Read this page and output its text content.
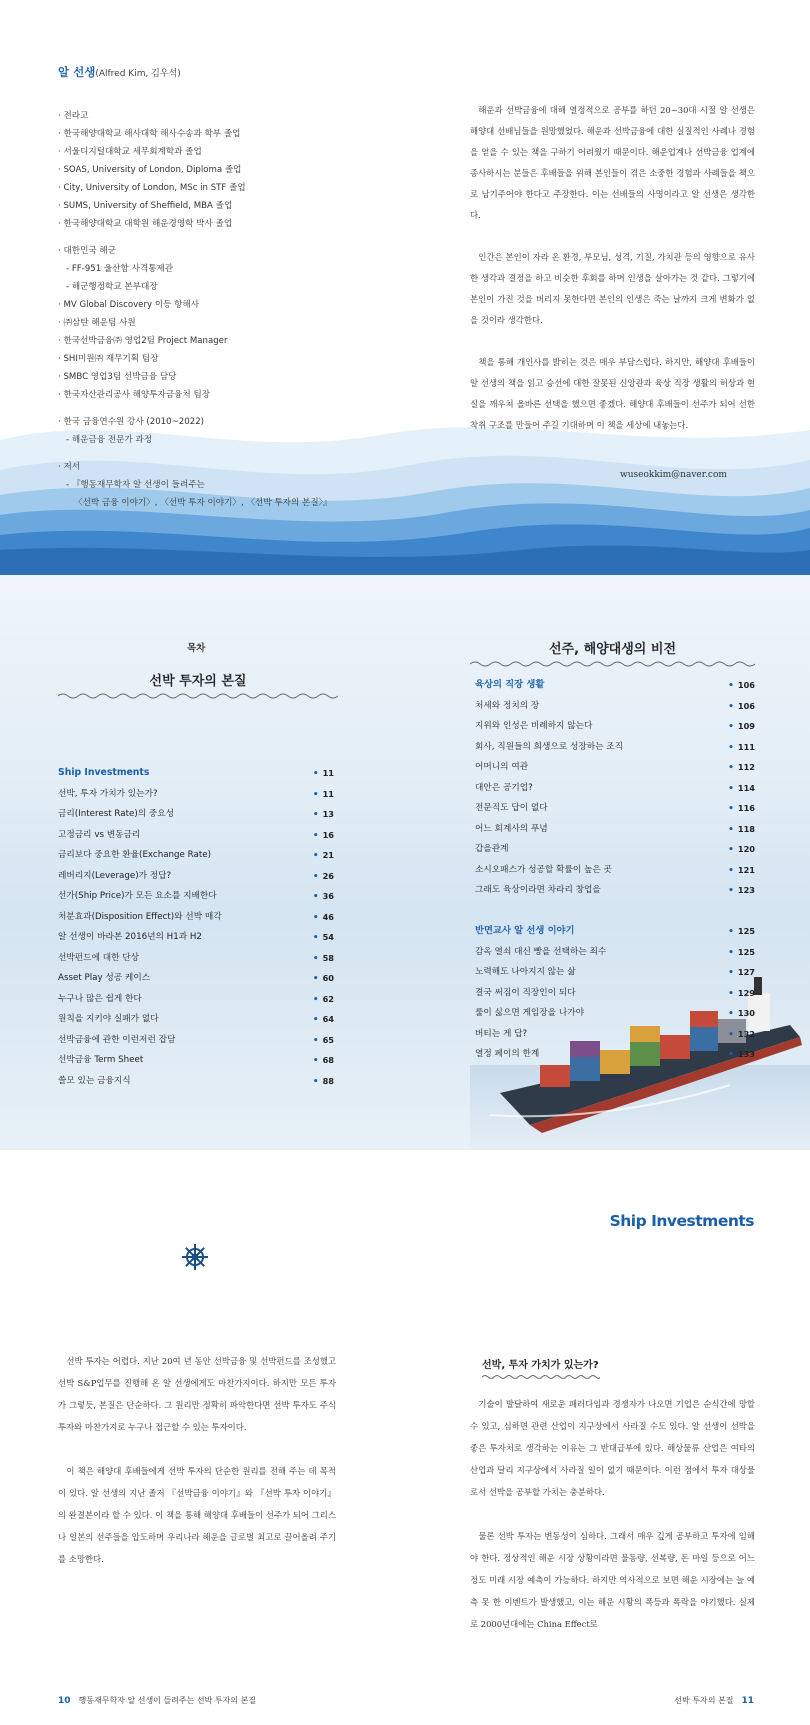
알 선생(Alfred Kim, 김우석)
· 전라고
· 한국해양대학교 해사대학 해사수송과 학부 졸업
· 서울디지털대학교 세무회계학과 졸업
· SOAS, University of London, Diploma 졸업
· City, University of London, MSc in STF 졸업
· SUMS, University of Sheffield, MBA 졸업
· 한국해양대학교 대학원 해운경영학 박사 졸업
· 대한민국 해군
- FF-951 울산함 사격통제관
- 해군행정학교 본부대장
· MV Global Discovery 이등 항해사
· ㈜삼탄 해운팀 사원
· 한국선박금융㈜ 영업2팀 Project Manager
· SHI미원㈜ 재무기획 팀장
· SMBC 영업3팀 선박금융 담당
· 한국자산관리공사 해양투자금융처 팀장
· 한국 금융연수원 강사 (2010~2022)
- 해운금융 전문가 과정
· 저서
- 『행동재무학자 알 선생이 들려주는
〈선박 금융 이야기〉, 〈선박 투자 이야기〉, 〈선박 투자의 본질〉』

해운과 선박금융에 대해 열정적으로 공부를 하던 20~30대 시절 알 선생은 해양대 선배님들을 원망했었다. 해운과 선박금융에 대한 실질적인 사례나 경험을 얻을 수 있는 책을 구하기 어려웠기 때문이다. 해운업계나 선박금융 업계에 종사하시는 분들은 후배들을 위해 본인들이 겪은 소중한 경험과 사례들을 책으로 남기주어야 한다고 주장한다. 이는 선배들의 사명이라고 알 선생은 생각한다.

인간은 본인이 자라 온 환경, 부모님, 성격, 기질, 가치관 등의 영향으로 유사한 생각과 결정을 하고 비슷한 후회를 하며 인생을 살아가는 것 같다. 그렇기에 본인이 가진 것을 버리지 못한다면 본인의 인생은 죽는 날까지 크게 변화가 없을 것이라 생각한다.

책을 통해 개인사를 밝히는 것은 매우 부담스럽다. 하지만, 해양대 후배들이 알 선생의 책을 읽고 승선에 대한 잘못된 신앙관과 육상 직장 생활의 허상과 현실을 깨우쳐 올바른 선택을 했으면 좋겠다. 해양대 후배들이 선주가 되어 선한 착취 구조를 만들어 주길 기대하며 이 책을 세상에 내놓는다.

wuseokkim@naver.com
목차
선박 투자의 본질
Ship Investments	• 11
선박, 투자 가치가 있는가?	• 11
금리(Interest Rate)의 중요성	• 13
고정금리 vs 변동금리	• 16
금리보다 중요한 환율(Exchange Rate)	• 21
레버리지(Leverage)가 정답?	• 26
선가(Ship Price)가 모든 요소를 지배한다	• 36
처분효과(Disposition Effect)와 선박 매각	• 46
알 선생이 바라본 2016년의 H1과 H2	• 54
선박펀드에 대한 단상	• 58
Asset Play 성공 케이스	• 60
누구나 많은 쉽게 한다	• 62
원칙을 지키야 실패가 없다	• 64
선박금융에 관한 이런저런 잡담	• 65
선박금융 Term Sheet	• 68
쓸모 있는 금융지식	• 88
선주, 해양대생의 비전
육상의 직장 생활	• 106
처세와 정치의 장	• 106
지위와 인성은 비례하지 않는다	• 109
회사, 직원들의 희생으로 성장하는 조직	• 111
어머니의 여관	• 112
대안은 공기업?	• 114
전문직도 답이 없다	• 116
어느 회계사의 푸념	• 118
갑을관계	• 120
소시오패스가 성공할 확률이 높은 곳	• 121
그래도 육상이라면 차라리 창업을	• 123
반면교사 알 선생 이야기	• 125
감옥 열쇠 대신 빵을 선택하는 죄수	• 125
노력해도 나아지지 않는 삶	• 127
결국 써짐이 직장인이 되다	• 129
룰이 싫으면 게임장을 나가야	• 130
버티는 게 답?	• 132
열정 페이의 한계	• 133
Ship Investments

선박 투자는 어렵다. 지난 20여 년 동안 선박금융 및 선박펀드를 조성했고 선박 S&P업무를 진행해 온 알 선생에게도 마찬가지이다. 하지만 모든 투자가 그렇듯, 본질은 단순하다. 그 원리만 정확히 파악한다면 선박 투자도 주식 투자와 마찬가지로 누구나 접근할 수 있는 투자이다.

이 책은 해양대 후배들에게 선박 투자의 단순한 원리를 전해 주는 데 목적이 있다. 알 선생의 지난 졸저 『선박금융 이야기』와 『선박 투자 이야기』의 완결본이라 할 수 있다. 이 책을 통해 해양대 후배들이 선주가 되어 그리스나 일본의 선주들을 압도하며 우리나라 해운을 글로벌 최고로 끌어올려 주기를 소망한다.

선박, 투자 가치가 있는가?

기술이 발달하여 새로운 패러다임과 경쟁자가 나오면 기업은 순식간에 망할 수 있고, 심하면 관련 산업이 지구상에서 사라질 수도 있다. 알 선생이 선박을 좋은 투자처로 생각하는 이유는 그 반대급부에 있다. 해상물류 산업은 여타의 산업과 달리 지구상에서 사라질 일이 없기 때문이다. 이런 점에서 투자 대상물로서 선박을 공부할 가치는 충분하다.

물론 선박 투자는 변동성이 심하다. 그래서 매우 깊게 공부하고 투자에 임해야 한다. 정상적인 해운 시장 상황이라면 물동량, 선복량, 돈 마일 등으로 어느 정도 미래 시장 예측이 가능하다. 하지만 역사적으로 보면 해운 시장에는 늘 예측 못 한 이벤트가 발생했고, 이는 해운 시황의 폭등과 폭락을 야기했다. 실제로 2000년대에는 China Effect로

10 행동재무학자 알 선생이 들려주는 선박 투자의 본질	선박 투자의 본질 11
